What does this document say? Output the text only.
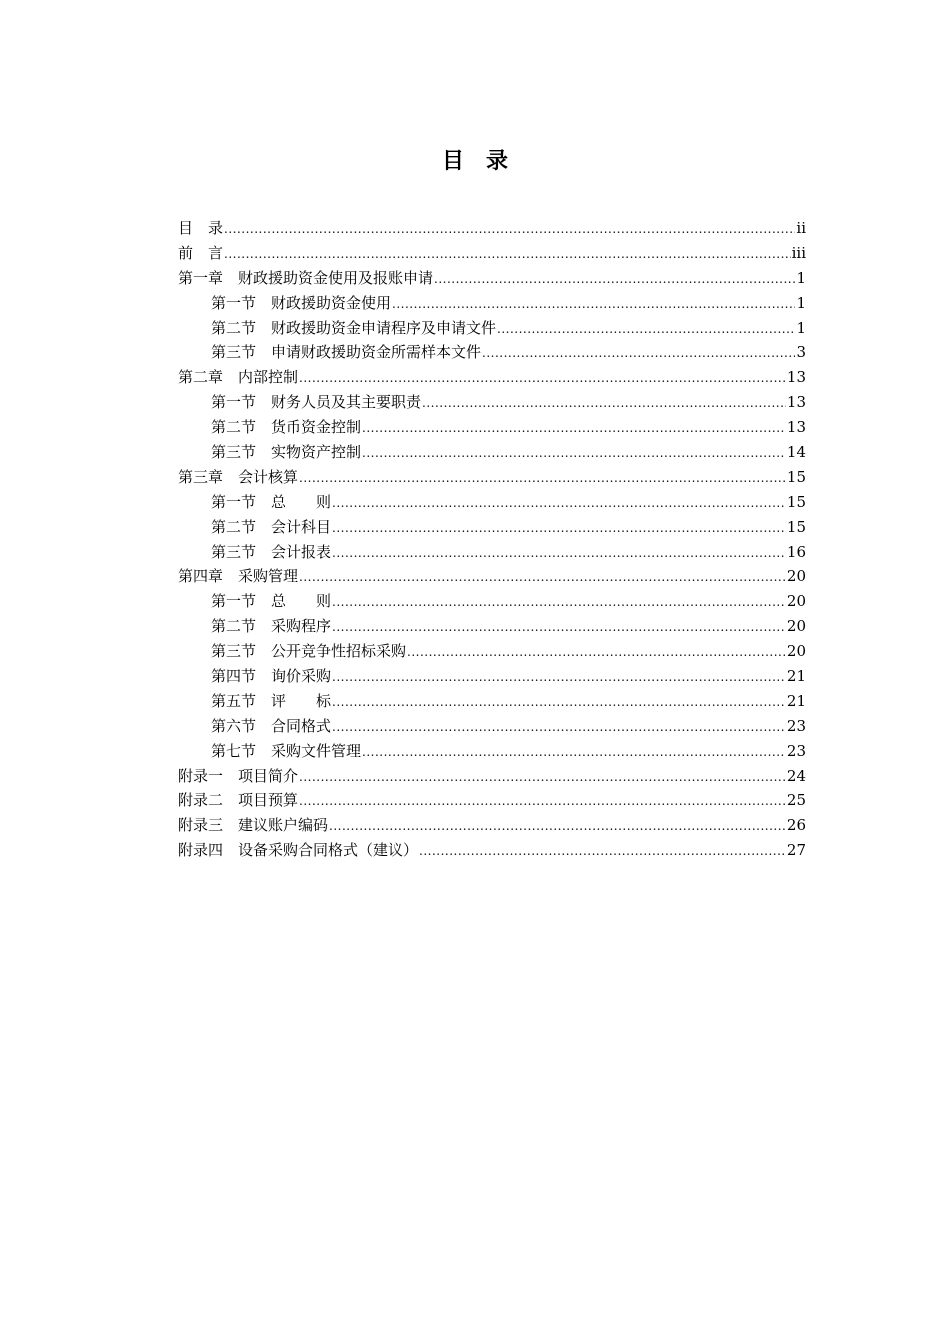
目　录
目　录 .....	ii
前　言 .....	iii
第一章　财政援助资金使用及报账申请 .....	1
第一节　财政援助资金使用 .....	1
第二节　财政援助资金申请程序及申请文件 .....	1
第三节　申请财政援助资金所需样本文件 .....	3
第二章　内部控制 .....	13
第一节　财务人员及其主要职责 .....	13
第二节　货币资金控制 .....	13
第三节　实物资产控制 .....	14
第三章　会计核算 .....	15
第一节　总　　则 .....	15
第二节　会计科目 .....	15
第三节　会计报表 .....	16
第四章　采购管理 .....	20
第一节　总　　则 .....	20
第二节　采购程序 .....	20
第三节　公开竞争性招标采购 .....	20
第四节　询价采购 .....	21
第五节　评　　标 .....	21
第六节　合同格式 .....	23
第七节　采购文件管理 .....	23
附录一　项目简介 .....	24
附录二　项目预算 .....	25
附录三　建议账户编码 .....	26
附录四　设备采购合同格式（建议） .....	27
